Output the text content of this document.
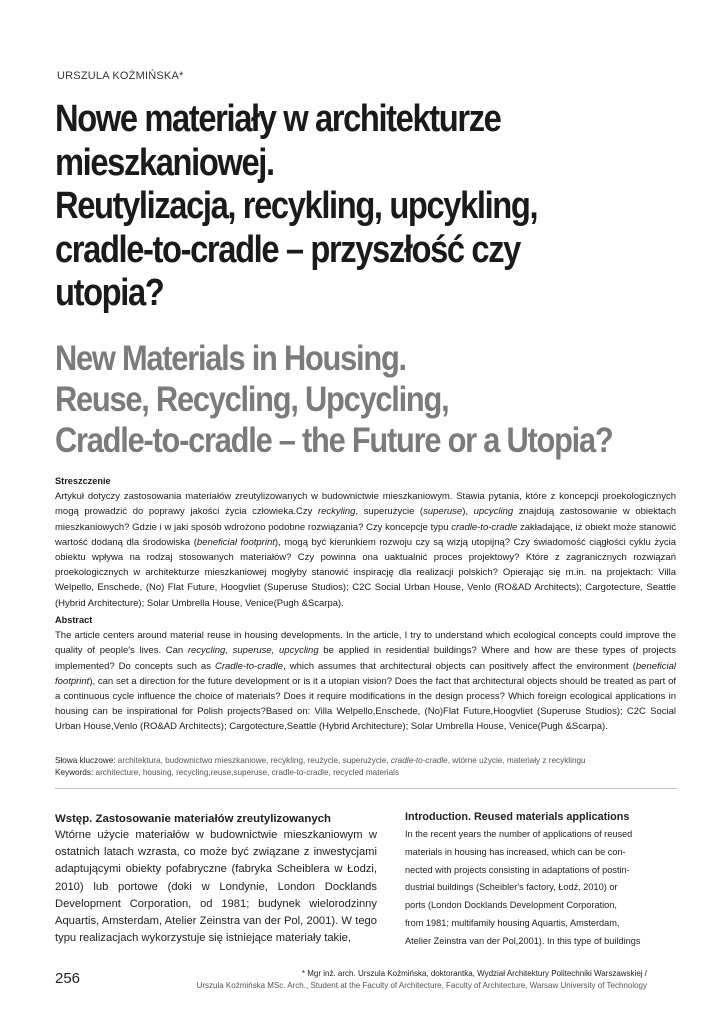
URSZULA KOŻMIŃSKA*
Nowe materiały w architekturze
mieszkaniowej.
Reutylizacja, recykling, upcykling,
cradle-to-cradle – przyszłość czy
utopia?
New Materials in Housing.
Reuse, Recycling, Upcycling,
Cradle-to-cradle – the Future or a Utopia?
Streszczenie
Artykuł dotyczy zastosowania materiałów zreutylizowanych w budownictwie mieszkaniowym. Stawia pytania, które z koncepcji proekologicznych mogą prowadzić do poprawy jakości życia człowieka.Czy reckyling, superużycie (superuse), upcycling znajdują zastosowanie w obiektach mieszkaniowych? Gdzie i w jaki sposób wdrożono podobne rozwiązania? Czy koncepcje typu cradle-to-cradle zakładające, iż obiekt może stanowić wartość dodaną dla środowiska (beneficial footprint), mogą być kierunkiem rozwoju czy są wizją utopijną? Czy świadomość ciągłości cyklu życia obiektu wpływa na rodzaj stosowanych materiałów? Czy powinna ona uaktualnić proces projektowy? Które z zagranicznych rozwiązań proekologicznych w architekturze mieszkaniowej mogłyby stanowić inspirację dla realizacji polskich? Opierając się m.in. na projektach: Villa Welpello, Enschede, (No) Flat Future, Hoogvliet (Superuse Studios); C2C Social Urban House, Venlo (RO&AD Architects); Cargotecture, Seattle (Hybrid Architecture); Solar Umbrella House, Venice(Pugh &Scarpa).
Abstract
The article centers around material reuse in housing developments. In the article, I try to understand which ecological concepts could improve the quality of people's lives. Can recycling, superuse, upcycling be applied in residential buildings? Where and how are these types of projects implemented? Do concepts such as Cradle-to-cradle, which assumes that architectural objects can positively affect the environment (beneficial footprint), can set a direction for the future development or is it a utopian vision? Does the fact that architectural objects should be treated as part of a continuous cycle influence the choice of materials? Does it require modifications in the design process? Which foreign ecological applications in housing can be inspirational for Polish projects?Based on: Villa Welpello,Enschede, (No)Flat Future,Hoogvliet (Superuse Studios); C2C Social Urban House,Venlo (RO&AD Architects); Cargotecture,Seattle (Hybrid Architecture); Solar Umbrella House, Venice(Pugh &Scarpa).
Słowa kluczowe: architektura, budownictwo mieszkaniowe, recykling, reużycie, superużycie, cradle-to-cradle, wtórne użycie, materiały z recyklingu
Keywords: architecture, housing, recycling,reuse,superuse, cradle-to-cradle, recycled materials
Wstęp. Zastosowanie materiałów zreutylizowanych

Wtórne użycie materiałów w budownictwie mieszkaniowym w ostatnich latach wzrasta, co może być związane z inwestycjami adaptującymi obiekty pofabryczne (fabryka Scheiblera w Łodzi, 2010) lub portowe (doki w Londynie, London Docklands Development Corporation, od 1981; budynek wielorodzinny Aquartis, Amsterdam, Atelier Zeinstra van der Pol, 2001). W tego typu realizacjach wykorzystuje się istniejące materiały takie,

Introduction. Reused materials applications

In the recent years the number of applications of reused
materials in housing has increased, which can be con-
nected with projects consisting in adaptations of postin-
dustrial buildings (Scheibler's factory, Łodź, 2010) or
ports (London Docklands Development Corporation,
from 1981; multifamily housing Aquartis, Amsterdam,
Atelier Zeinstra van der Pol,2001). In this type of buildings

256	* Mgr inż. arch. Urszula Koźmińska, doktorantka, Wydział Architektury Politechniki Warszawskiej /
Urszula Koźmińska MSc. Arch., Student at the Faculty of Architecture, Faculty of Architecture, Warsaw University of Technology
